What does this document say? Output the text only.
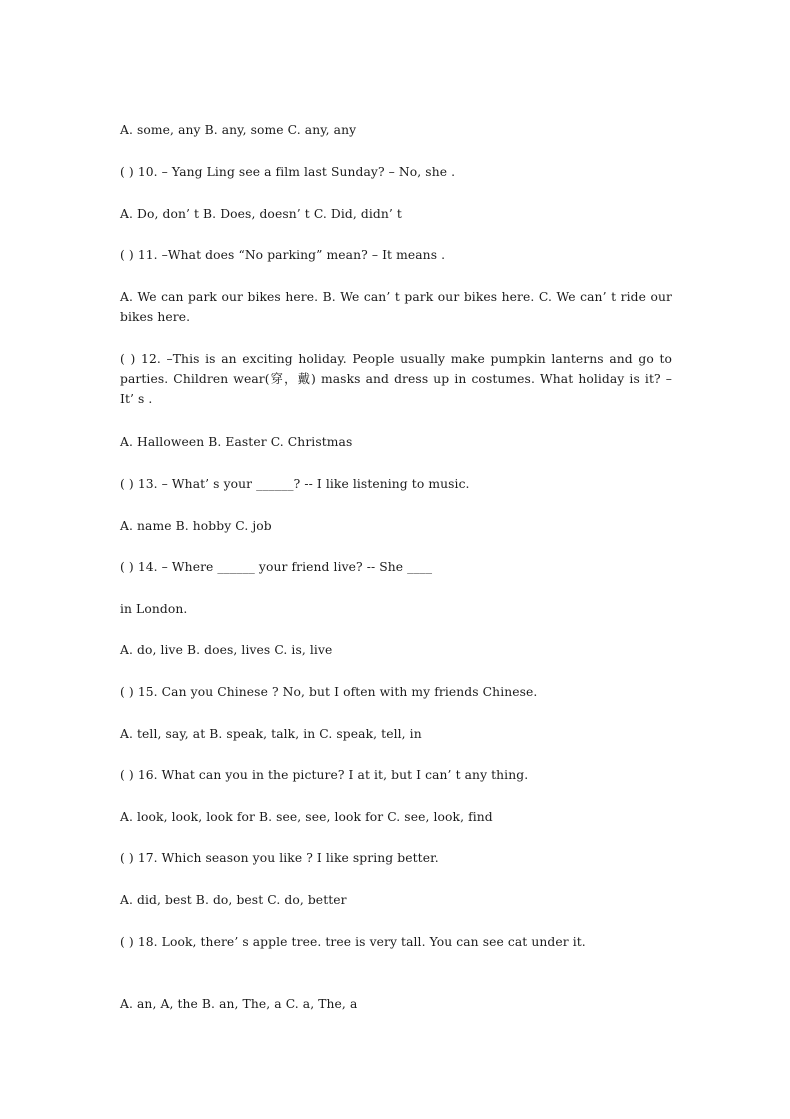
A. some, any B. any, some C. any, any
( ) 10. – Yang Ling see a film last Sunday? – No, she .
A. Do, don’ t B. Does, doesn’ t C. Did, didn’ t
( ) 11. –What does “No parking” mean? – It means .
A. We can park our bikes here. B. We can’ t park our bikes here. C. We can’ t ride our bikes here.
( ) 12. –This is an exciting holiday. People usually make pumpkin lanterns and go to parties. Children wear(穿，戴) masks and dress up in costumes. What holiday is it? – It’ s .
A. Halloween B. Easter C. Christmas
( ) 13. – What’ s your ______? -- I like listening to music.
A. name B. hobby C. job
( ) 14. – Where ______ your friend live? -- She ____
in London.
A. do, live B. does, lives C. is, live
( ) 15. Can you Chinese ? No, but I often with my friends Chinese.
A. tell, say, at B. speak, talk, in C. speak, tell, in
( ) 16. What can you in the picture? I at it, but I can’ t any thing.
A. look, look, look for B. see, see, look for C. see, look, find
( ) 17. Which season you like ? I like spring better.
A. did, best B. do, best C. do, better
( ) 18. Look, there’ s apple tree. tree is very tall. You can see cat under it.
A. an, A, the B. an, The, a C. a, The, a
